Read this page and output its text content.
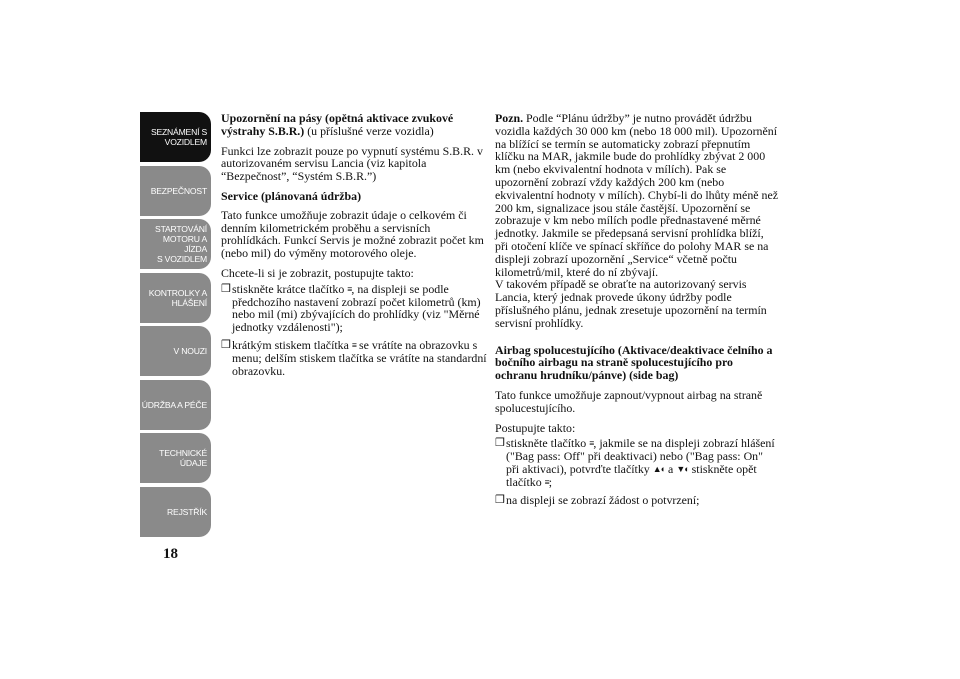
SEZNÁMENÍ S
VOZIDLEM
BEZPEČNOST
STARTOVÁNÍ
MOTORU A JÍZDA
S VOZIDLEM
KONTROLKY A
HLÁŠENÍ
V NOUZI
ÚDRŽBA A PÉČE
TECHNICKÉ
ÚDAJE
REJSTŘÍK
18

Upozornění na pásy (opětná aktivace zvukové výstrahy S.B.R.) (u příslušné verze vozidla)

Funkci lze zobrazit pouze po vypnutí systému S.B.R. v autorizovaném servisu Lancia (viz kapitola “Bezpečnost”, “Systém S.B.R.”)

Service (plánovaná údržba)

Tato funkce umožňuje zobrazit údaje o celkovém či denním kilometrickém proběhu a servisních prohlídkách. Funkcí Servis je možné zobrazit počet km (nebo mil) do výměny motorového oleje.

Chcete-li si je zobrazit, postupujte takto:

❒ stiskněte krátce tlačítko ≡, na displeji se podle předchozího nastavení zobrazí počet kilometrů (km) nebo mil (mi) zbývajících do prohlídky (viz "Měrné jednotky vzdálenosti");
❒ krátkým stiskem tlačítka ≡ se vrátíte na obrazovku s menu; delším stiskem tlačítka se vrátíte na standardní obrazovku.

Pozn. Podle “Plánu údržby” je nutno provádět údržbu vozidla každých 30 000 km (nebo 18 000 mil). Upozornění na blížící se termín se automaticky zobrazí přepnutím klíčku na MAR, jakmile bude do prohlídky zbývat 2 000 km (nebo ekvivalentní hodnota v mílích). Pak se upozornění zobrazí vždy každých 200 km (nebo ekvivalentní hodnoty v mílích). Chybí-li do lhůty méně než 200 km, signalizace jsou stále častější. Upozornění se zobrazuje v km nebo mílích podle přednastavené měrné jednotky. Jakmile se předepsaná servisní prohlídka blíží, při otočení klíče ve spínací skříňce do polohy MAR se na displeji zobrazí upozornění „Service“ včetně počtu kilometrů/mil, které do ní zbývají.

V takovém případě se obraťte na autorizovaný servis Lancia, který jednak provede úkony údržby podle příslušného plánu, jednak zresetuje upozornění na termín servisní prohlídky.

Airbag spolucestujícího (Aktivace/deaktivace čelního a bočního airbagu na straně spolucestujícího pro ochranu hrudníku/pánve) (side bag)

Tato funkce umožňuje zapnout/vypnout airbag na straně spolucestujícího.

Postupujte takto:

❒ stiskněte tlačítko ≡, jakmile se na displeji zobrazí hlášení ("Bag pass: Off" při deaktivaci) nebo ("Bag pass: On" při aktivaci), potvrďte tlačítky ▲◐ a ▼◐ stiskněte opět tlačítko ≡;
❒ na displeji se zobrazí žádost o potvrzení;
